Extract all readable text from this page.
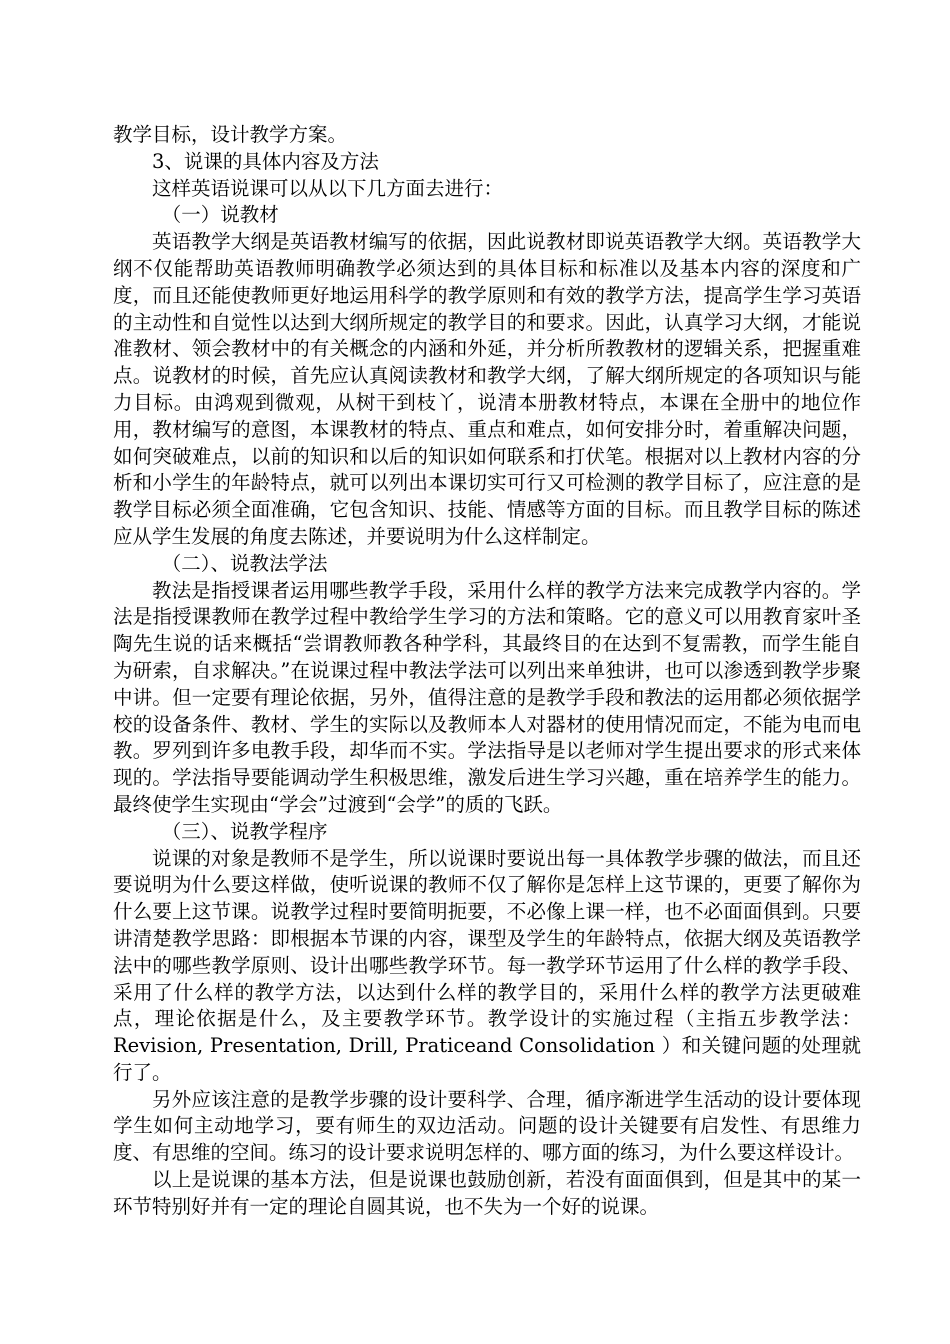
教学目标，设计教学方案。

3、说课的具体内容及方法

这样英语说课可以从以下几方面去进行：

（一）说教材

英语教学大纲是英语教材编写的依据，因此说教材即说英语教学大纲。英语教学大纲不仅能帮助英语教师明确教学必须达到的具体目标和标准以及基本内容的深度和广度，而且还能使教师更好地运用科学的教学原则和有效的教学方法，提高学生学习英语的主动性和自觉性以达到大纲所规定的教学目的和要求。因此，认真学习大纲，才能说准教材、领会教材中的有关概念的内涵和外延，并分析所教教材的逻辑关系，把握重难点。说教材的时候，首先应认真阅读教材和教学大纲，了解大纲所规定的各项知识与能力目标。由鸿观到微观，从树干到枝丫，说清本册教材特点，本课在全册中的地位作用，教材编写的意图，本课教材的特点、重点和难点，如何安排分时，着重解决问题，如何突破难点，以前的知识和以后的知识如何联系和打伏笔。根据对以上教材内容的分析和小学生的年龄特点，就可以列出本课切实可行又可检测的教学目标了，应注意的是教学目标必须全面准确，它包含知识、技能、情感等方面的目标。而且教学目标的陈述应从学生发展的角度去陈述，并要说明为什么这样制定。

（二）、说教法学法

教法是指授课者运用哪些教学手段，采用什么样的教学方法来完成教学内容的。学法是指授课教师在教学过程中教给学生学习的方法和策略。它的意义可以用教育家叶圣陶先生说的话来概括“尝谓教师教各种学科，其最终目的在达到不复需教，而学生能自为研索，自求解决。”在说课过程中教法学法可以列出来单独讲，也可以渗透到教学步聚中讲。但一定要有理论依据，另外，值得注意的是教学手段和教法的运用都必须依据学校的设备条件、教材、学生的实际以及教师本人对器材的使用情况而定，不能为电而电教。罗列到许多电教手段，却华而不实。学法指导是以老师对学生提出要求的形式来体现的。学法指导要能调动学生积极思维，激发后进生学习兴趣，重在培养学生的能力。最终使学生实现由“学会”过渡到“会学”的质的飞跃。

（三）、说教学程序

说课的对象是教师不是学生，所以说课时要说出每一具体教学步骤的做法，而且还要说明为什么要这样做，使听说课的教师不仅了解你是怎样上这节课的，更要了解你为什么要上这节课。说教学过程时要简明扼要，不必像上课一样，也不必面面俱到。只要讲清楚教学思路：即根据本节课的内容，课型及学生的年龄特点，依据大纲及英语教学法中的哪些教学原则、设计出哪些教学环节。每一教学环节运用了什么样的教学手段、采用了什么样的教学方法，以达到什么样的教学目的，采用什么样的教学方法更破难点，理论依据是什么，及主要教学环节。教学设计的实施过程（主指五步教学法：Revision, Presentation, Drill, Praticeand Consolidation ）和关键问题的处理就行了。

另外应该注意的是教学步骤的设计要科学、合理，循序渐进学生活动的设计要体现学生如何主动地学习，要有师生的双边活动。问题的设计关键要有启发性、有思维力度、有思维的空间。练习的设计要求说明怎样的、哪方面的练习，为什么要这样设计。

以上是说课的基本方法，但是说课也鼓励创新，若没有面面俱到，但是其中的某一环节特别好并有一定的理论自圆其说，也不失为一个好的说课。
